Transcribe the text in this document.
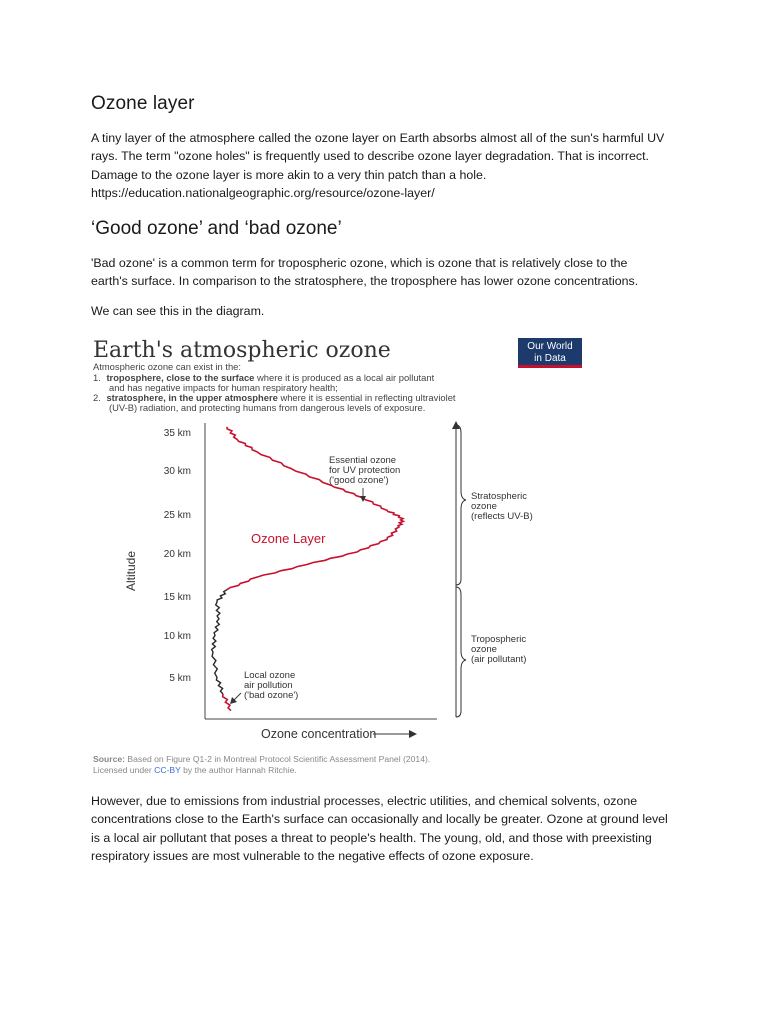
Ozone layer

A tiny layer of the atmosphere called the ozone layer on Earth absorbs almost all of the sun's harmful UV
rays. The term "ozone holes" is frequently used to describe ozone layer degradation. That is incorrect.
Damage to the ozone layer is more akin to a very thin patch than a hole.
https://education.nationalgeographic.org/resource/ozone-layer/

‘Good ozone’ and ‘bad ozone’

'Bad ozone' is a common term for tropospheric ozone, which is ozone that is relatively close to the
earth's surface. In comparison to the stratosphere, the troposphere has lower ozone concentrations.

We can see this in the diagram.

Earth's atmospheric ozone	Our World
in Data
Atmospheric ozone can exist in the:
1. troposphere, close to the surface where it is produced as a local air pollutant
and has negative impacts for human respiratory health;
2. stratosphere, in the upper atmosphere where it is essential in reflecting ultraviolet
(UV-B) radiation, and protecting humans from dangerous levels of exposure.
35 km
30 km
25 km
20 km
15 km
10 km
5 km
Altitude
Ozone concentration
Ozone Layer
Essential ozone
for UV protection
('good ozone')
Local ozone
air pollution
('bad ozone')
Stratospheric
ozone
(reflects UV-B)
Tropospheric
ozone
(air pollutant)
Source: Based on Figure Q1-2 in Montreal Protocol Scientific Assessment Panel (2014).
Licensed under CC-BY by the author Hannah Ritchie.

However, due to emissions from industrial processes, electric utilities, and chemical solvents, ozone
concentrations close to the Earth's surface can occasionally and locally be greater. Ozone at ground level
is a local air pollutant that poses a threat to people's health. The young, old, and those with preexisting
respiratory issues are most vulnerable to the negative effects of ozone exposure.
